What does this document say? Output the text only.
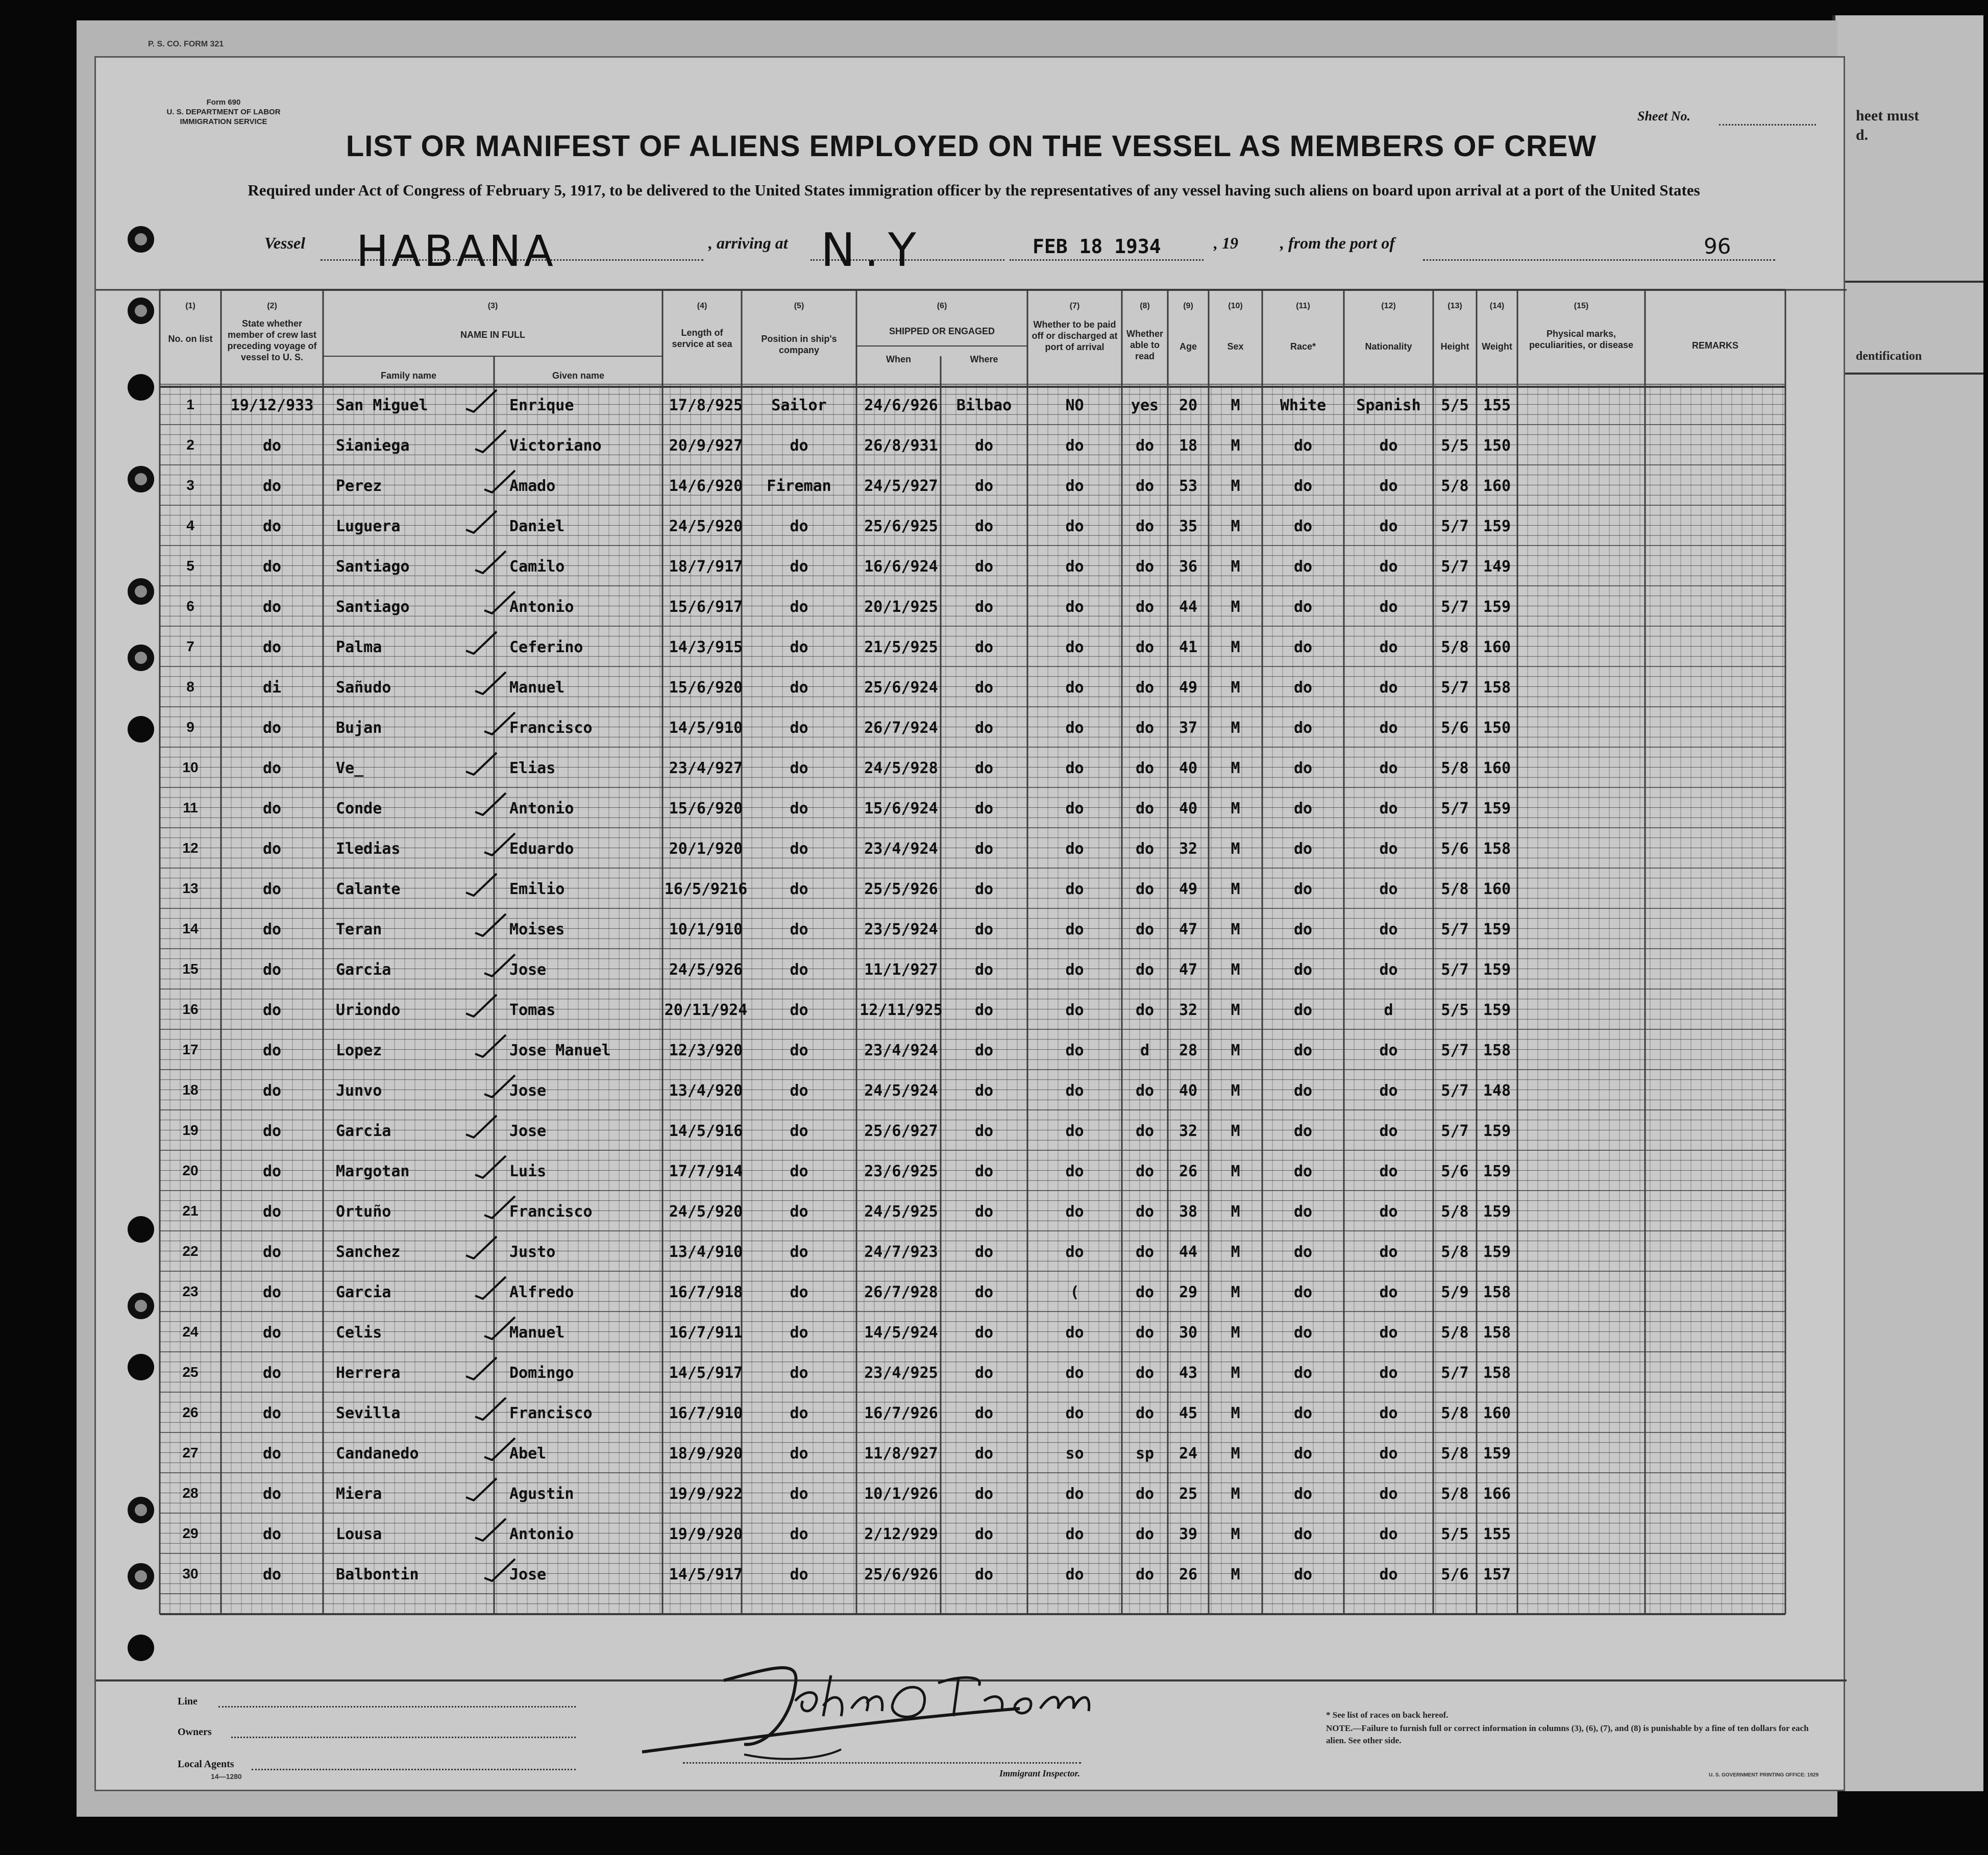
heet must
d.
dentification
P. S. CO. FORM 321
Form 690
U. S. DEPARTMENT OF LABOR
IMMIGRATION SERVICE	Sheet No.
LIST OR MANIFEST OF ALIENS EMPLOYED ON THE VESSEL AS MEMBERS OF CREW
Required under Act of Congress of February 5, 1917, to be delivered to the United States immigration officer by the representatives of any vessel having such aliens on board upon arrival at a port of the United States
Vessel HABANA	, arriving at N.Y	FEB 18 1934	, 19	, from the port of	96
(1)
No. on list
(2)
State whether member of crew last preceding voyage of vessel to U. S.
(3)
NAME IN FULL
Family name	Given name
(4)
Length of service at sea
(5)
Position in ship's company
(6)
SHIPPED OR ENGAGED
When	Where
(7)
Whether to be paid off or discharged at port of arrival
(8)
Whether able to read
(9)
Age
(10)
Sex
(11)
Race*
(12)
Nationality
(13)
Height
(14)
Weight
(15)
Physical marks, peculiarities, or disease	REMARKS
1	19/12/933	San Miguel	Enrique	17/8/925	Sailor	24/6/926	Bilbao	NO	yes	20	M	White	Spanish	5/5 155
2	do	Sianiega	Victoriano	20/9/927	do	26/8/931	do	do	do	18	M	do	do	5/5 150
3	do	Perez	Amado	14/6/920	Fireman	24/5/927	do	do	do	53	M	do	do	5/8 160
4	do	Luguera	Daniel	24/5/920	do	25/6/925	do	do	do	35	M	do	do	5/7 159
5	do	Santiago	Camilo	18/7/917	do	16/6/924	do	do	do	36	M	do	do	5/7 149
6	do	Santiago	Antonio	15/6/917	do	20/1/925	do	do	do	44	M	do	do	5/7 159
7	do	Palma	Ceferino	14/3/915	do	21/5/925	do	do	do	41	M	do	do	5/8 160
8	di	Sañudo	Manuel	15/6/920	do	25/6/924	do	do	do	49	M	do	do	5/7 158
9	do	Bujan	Francisco	14/5/910	do	26/7/924	do	do	do	37	M	do	do	5/6 150
10	do	Ve_	Elias	23/4/927	do	24/5/928	do	do	do	40	M	do	do	5/8 160
11	do	Conde	Antonio	15/6/920	do	15/6/924	do	do	do	40	M	do	do	5/7 159
12	do	Iledias	Eduardo	20/1/920	do	23/4/924	do	do	do	32	M	do	do	5/6 158
13	do	Calante	Emilio	16/5/9216	do	25/5/926	do	do	do	49	M	do	do	5/8 160
14	do	Teran	Moises	10/1/910	do	23/5/924	do	do	do	47	M	do	do	5/7 159
15	do	Garcia	Jose	24/5/926	do	11/1/927	do	do	do	47	M	do	do	5/7 159
16	do	Uriondo	Tomas	20/11/924	do	12/11/925	do	do	do	32	M	do	d	5/5 159
17	do	Lopez	Jose Manuel	12/3/920	do	23/4/924	do	do	d	28	M	do	do	5/7 158
18	do	Junvo	Jose	13/4/920	do	24/5/924	do	do	do	40	M	do	do	5/7 148
19	do	Garcia	Jose	14/5/916	do	25/6/927	do	do	do	32	M	do	do	5/7 159
20	do	Margotan	Luis	17/7/914	do	23/6/925	do	do	do	26	M	do	do	5/6 159
21	do	Ortuño	Francisco	24/5/920	do	24/5/925	do	do	do	38	M	do	do	5/8 159
22	do	Sanchez	Justo	13/4/910	do	24/7/923	do	do	do	44	M	do	do	5/8 159
23	do	Garcia	Alfredo	16/7/918	do	26/7/928	do	(	do	29	M	do	do	5/9 158
24	do	Celis	Manuel	16/7/911	do	14/5/924	do	do	do	30	M	do	do	5/8 158
25	do	Herrera	Domingo	14/5/917	do	23/4/925	do	do	do	43	M	do	do	5/7 158
26	do	Sevilla	Francisco	16/7/910	do	16/7/926	do	do	do	45	M	do	do	5/8 160
27	do	Candanedo	Abel	18/9/920	do	11/8/927	do	so	sp	24	M	do	do	5/8 159
28	do	Miera	Agustin	19/9/922	do	10/1/926	do	do	do	25	M	do	do	5/8 166
29	do	Lousa	Antonio	19/9/920	do	2/12/929	do	do	do	39	M	do	do	5/5 155
30	do	Balbontin	Jose	14/5/917	do	25/6/926	do	do	do	26	M	do	do	5/6 157
Line
Owners
Local Agents
14—1280	Immigrant Inspector.
* See list of races on back hereof.
NOTE.—Failure to furnish full or correct information in columns (3), (6), (7), and (8) is punishable by a fine of ten dollars for each alien. See other side.
U. S. GOVERNMENT PRINTING OFFICE: 1929
